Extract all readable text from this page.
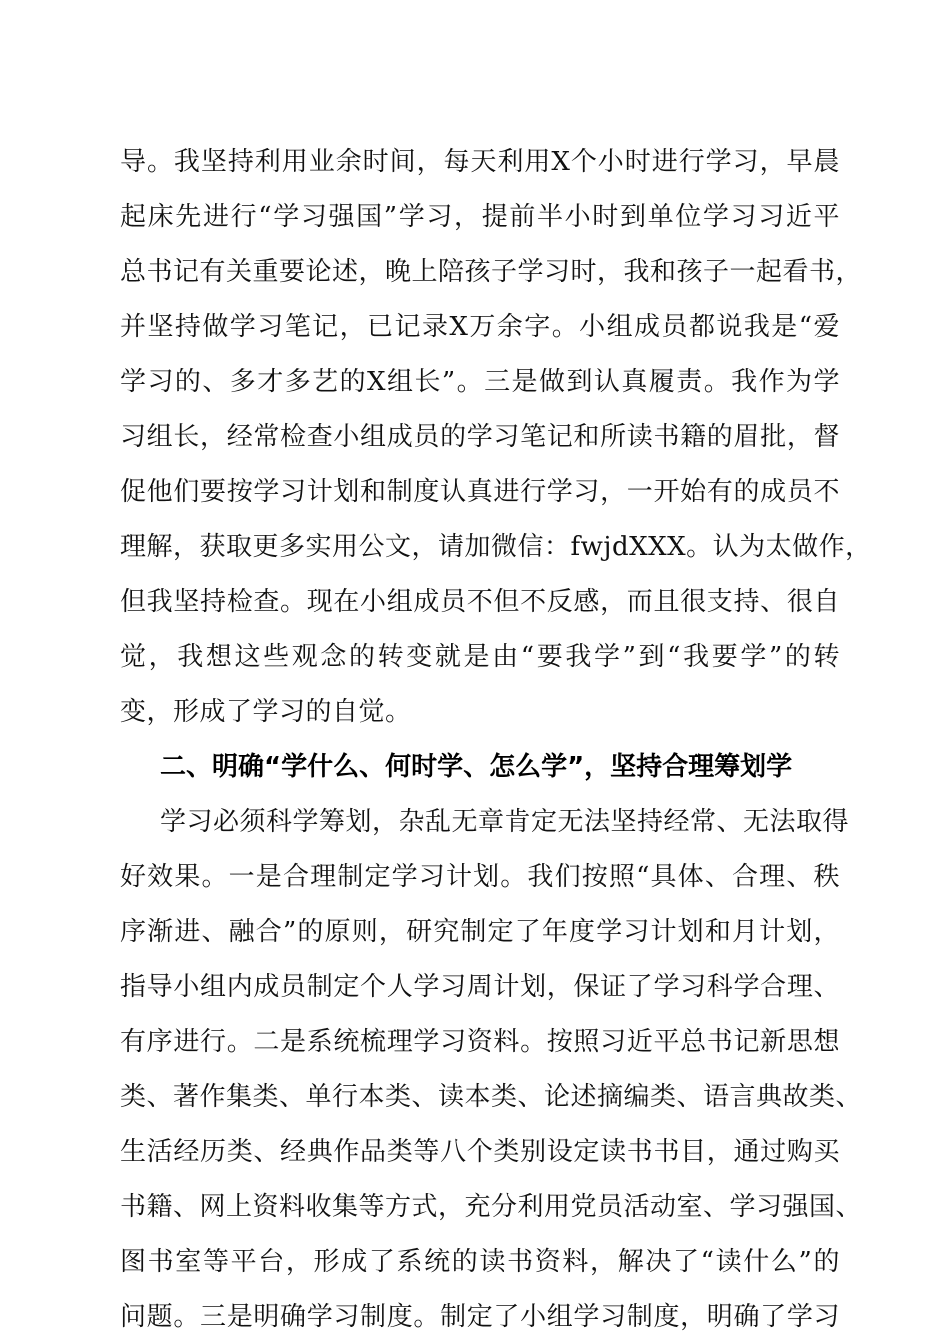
导。我坚持利用业余时间，每天利用X个小时进行学习，早晨
起床先进行“学习强国”学习，提前半小时到单位学习习近平
总书记有关重要论述，晚上陪孩子学习时，我和孩子一起看书，
并坚持做学习笔记，已记录X万余字。小组成员都说我是“爱
学习的、多才多艺的X组长”。三是做到认真履责。我作为学
习组长，经常检查小组成员的学习笔记和所读书籍的眉批，督
促他们要按学习计划和制度认真进行学习，一开始有的成员不
理解，获取更多实用公文，请加微信：fwjdXXX。认为太做作，
但我坚持检查。现在小组成员不但不反感，而且很支持、很自
觉，我想这些观念的转变就是由“要我学”到“我要学”的转
变，形成了学习的自觉。
二、明确“学什么、何时学、怎么学”，坚持合理筹划学
学习必须科学筹划，杂乱无章肯定无法坚持经常、无法取得
好效果。一是合理制定学习计划。我们按照“具体、合理、秩
序渐进、融合”的原则，研究制定了年度学习计划和月计划，
指导小组内成员制定个人学习周计划，保证了学习科学合理、
有序进行。二是系统梳理学习资料。按照习近平总书记新思想
类、著作集类、单行本类、读本类、论述摘编类、语言典故类、
生活经历类、经典作品类等八个类别设定读书书目，通过购买
书籍、网上资料收集等方式，充分利用党员活动室、学习强国、
图书室等平台，形成了系统的读书资料，解决了“读什么”的
问题。三是明确学习制度。制定了小组学习制度，明确了学习
